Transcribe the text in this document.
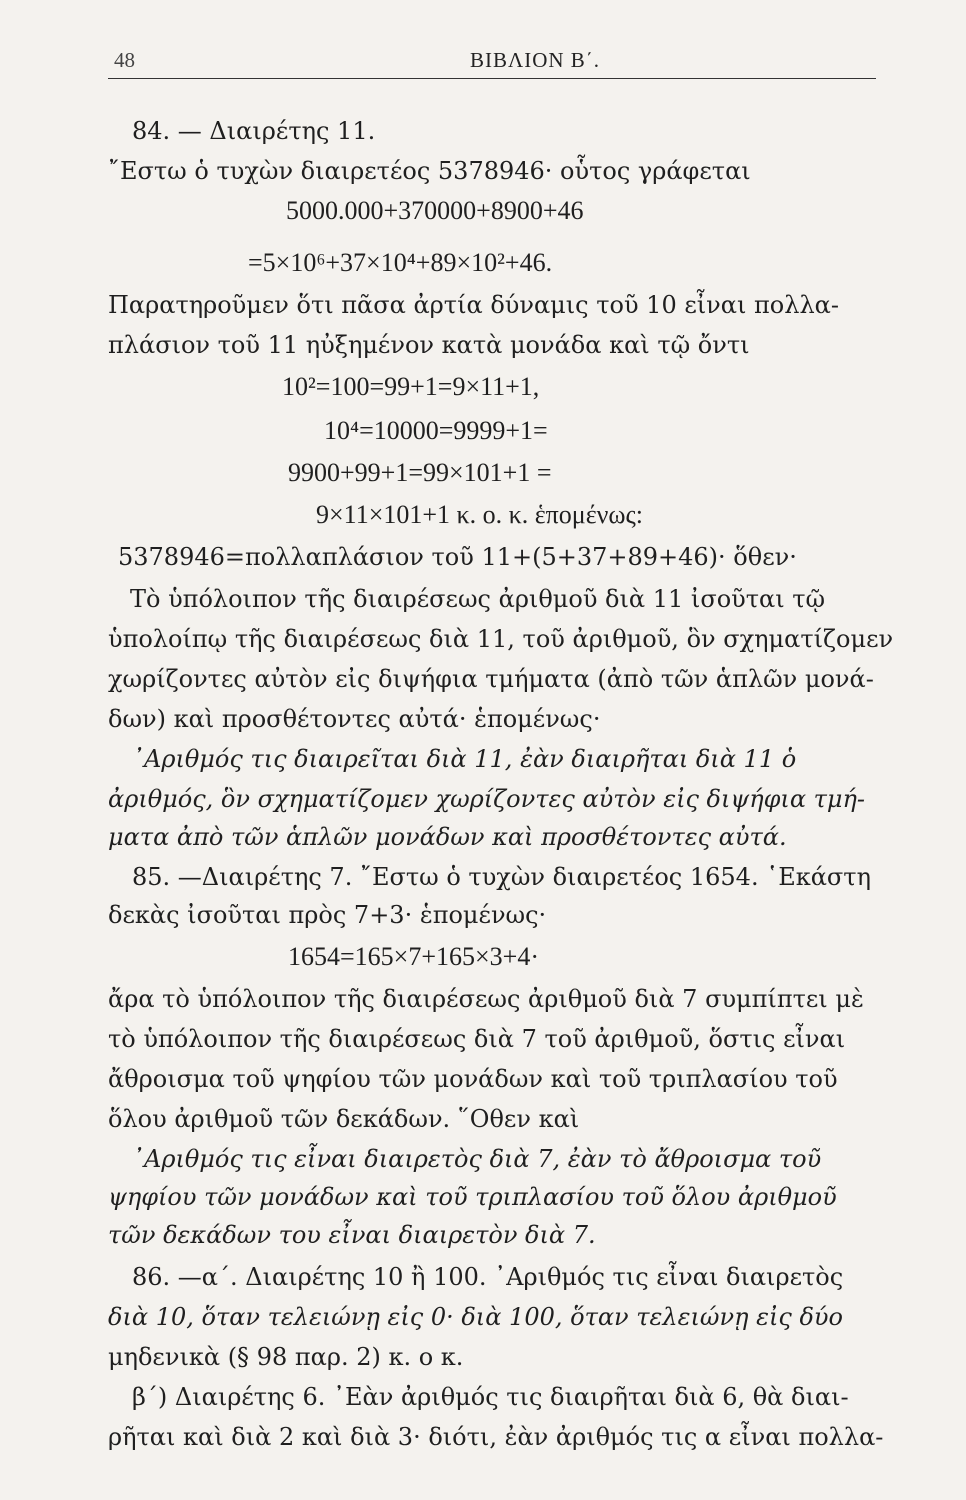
48	ΒΙΒΛΙΟΝ Β΄.
84. — Διαιρέτης 11.
῎Εστω ὁ τυχὼν διαιρετέος 5378946· οὗτος γράφεται
5000.000+370000+8900+46
=5×10⁶+37×10⁴+89×10²+46.
Παρατηροῦμεν ὅτι πᾶσα ἀρτία δύναμις τοῦ 10 εἶναι πολλα-
πλάσιον τοῦ 11 ηὐξημένον κατὰ μονάδα καὶ τῷ ὄντι
10²=100=99+1=9×11+1,
10⁴=10000=9999+1=
9900+99+1=99×101+1 =
9×11×101+1 κ. ο. κ. ἑπομένως:
5378946=πολλαπλάσιον τοῦ 11+(5+37+89+46)· ὅθεν·
Τὸ ὑπόλοιπον τῆς διαιρέσεως ἀριθμοῦ διὰ 11 ἰσοῦται τῷ
ὑπολοίπῳ τῆς διαιρέσεως διὰ 11, τοῦ ἀριθμοῦ, ὃν σχηματίζομεν
χωρίζοντες αὐτὸν εἰς διψήφια τμήματα (ἀπὸ τῶν ἁπλῶν μονά-
δων) καὶ προσθέτοντες αὐτά· ἑπομένως·
᾿Αριθμός τις διαιρεῖται διὰ 11, ἐὰν διαιρῆται διὰ 11 ὁ
ἀριθμός, ὃν σχηματίζομεν χωρίζοντες αὐτὸν εἰς διψήφια τμή-
ματα ἀπὸ τῶν ἁπλῶν μονάδων καὶ προσθέτοντες αὐτά.
85. —Διαιρέτης 7. ῎Εστω ὁ τυχὼν διαιρετέος 1654. ῾Εκάστη
δεκὰς ἰσοῦται πρὸς 7+3· ἑπομένως·
1654=165×7+165×3+4·
ἄρα τὸ ὑπόλοιπον τῆς διαιρέσεως ἀριθμοῦ διὰ 7 συμπίπτει μὲ
τὸ ὑπόλοιπον τῆς διαιρέσεως διὰ 7 τοῦ ἀριθμοῦ, ὅστις εἶναι
ἄθροισμα τοῦ ψηφίου τῶν μονάδων καὶ τοῦ τριπλασίου τοῦ
ὅλου ἀριθμοῦ τῶν δεκάδων. ῞Οθεν καὶ
᾿Αριθμός τις εἶναι διαιρετὸς διὰ 7, ἐὰν τὸ ἄθροισμα τοῦ
ψηφίου τῶν μονάδων καὶ τοῦ τριπλασίου τοῦ ὅλου ἀριθμοῦ
τῶν δεκάδων του εἶναι διαιρετὸν διὰ 7.
86. —α΄. Διαιρέτης 10 ἢ 100. ᾿Αριθμός τις εἶναι διαιρετὸς
διὰ 10, ὅταν τελειώνῃ εἰς 0· διὰ 100, ὅταν τελειώνῃ εἰς δύο
μηδενικὰ (§ 98 παρ. 2) κ. ο κ.
β΄) Διαιρέτης 6. ᾿Εὰν ἀριθμός τις διαιρῆται διὰ 6, θὰ διαι-
ρῆται καὶ διὰ 2 καὶ διὰ 3· διότι, ἐὰν ἀριθμός τις α εἶναι πολλα-
